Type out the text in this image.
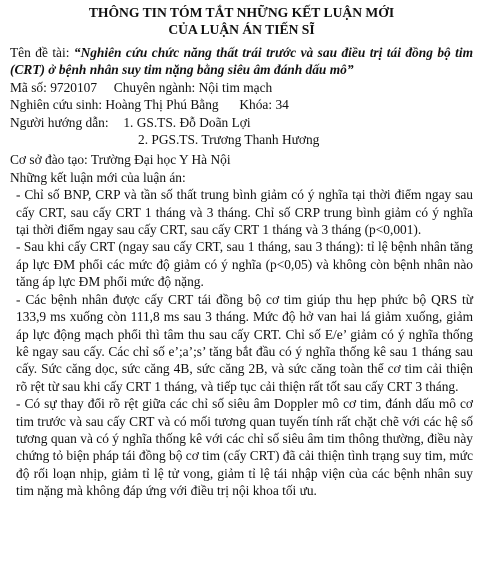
THÔNG TIN TÓM TẮT NHỮNG KẾT LUẬN MỚI

CỦA LUẬN ÁN TIẾN SĨ

Tên đề tài: “Nghiên cứu chức năng thất trái trước và sau điều trị tái đồng bộ tim (CRT) ở bệnh nhân suy tim nặng bằng siêu âm đánh dấu mô”
Mã số: 9720107 Chuyên ngành: Nội tim mạch
Nghiên cứu sinh: Hoàng Thị Phú Bằng Khóa: 34
Người hướng dẫn: 1. GS.TS. Đỗ Doãn Lợi
2. PGS.TS. Trương Thanh Hương
Cơ sở đào tạo: Trường Đại học Y Hà Nội
Những kết luận mới của luận án:
- Chỉ số BNP, CRP và tần số thất trung bình giảm có ý nghĩa tại thời điểm ngay sau cấy CRT, sau cấy CRT 1 tháng và 3 tháng. Chỉ số CRP trung bình giảm có ý nghĩa tại thời điểm ngay sau cấy CRT, sau cấy CRT 1 tháng và 3 tháng (p<0,001).
- Sau khi cấy CRT (ngay sau cấy CRT, sau 1 tháng, sau 3 tháng): tỉ lệ bệnh nhân tăng áp lực ĐM phổi các mức độ giảm có ý nghĩa (p<0,05) và không còn bệnh nhân nào tăng áp lực ĐM phổi mức độ nặng.
- Các bệnh nhân được cấy CRT tái đồng bộ cơ tim giúp thu hẹp phức bộ QRS từ 133,9 ms xuống còn 111,8 ms sau 3 tháng. Mức độ hở van hai lá giảm xuống, giảm áp lực động mạch phổi thì tâm thu sau cấy CRT. Chỉ số E/e’ giảm có ý nghĩa thống kê ngay sau cấy. Các chỉ số e’;a’;s’ tăng bắt đầu có ý nghĩa thống kê sau 1 tháng sau cấy. Sức căng dọc, sức căng 4B, sức căng 2B, và sức căng toàn thể cơ tim cải thiện rõ rệt từ sau khi cấy CRT 1 tháng, và tiếp tục cải thiện rất tốt sau cấy CRT 3 tháng.
- Có sự thay đổi rõ rệt giữa các chỉ số siêu âm Doppler mô cơ tim, đánh dấu mô cơ tim trước và sau cấy CRT và có mối tương quan tuyến tính rất chặt chẽ với các hệ số tương quan và có ý nghĩa thống kê với các chỉ số siêu âm tim thông thường, điều này chứng tỏ biện pháp tái đồng bộ cơ tim (cấy CRT) đã cải thiện tình trạng suy tim, mức độ rối loạn nhịp, giảm tỉ lệ tử vong, giảm tỉ lệ tái nhập viện của các bệnh nhân suy tim nặng mà không đáp ứng với điều trị nội khoa tối ưu.
